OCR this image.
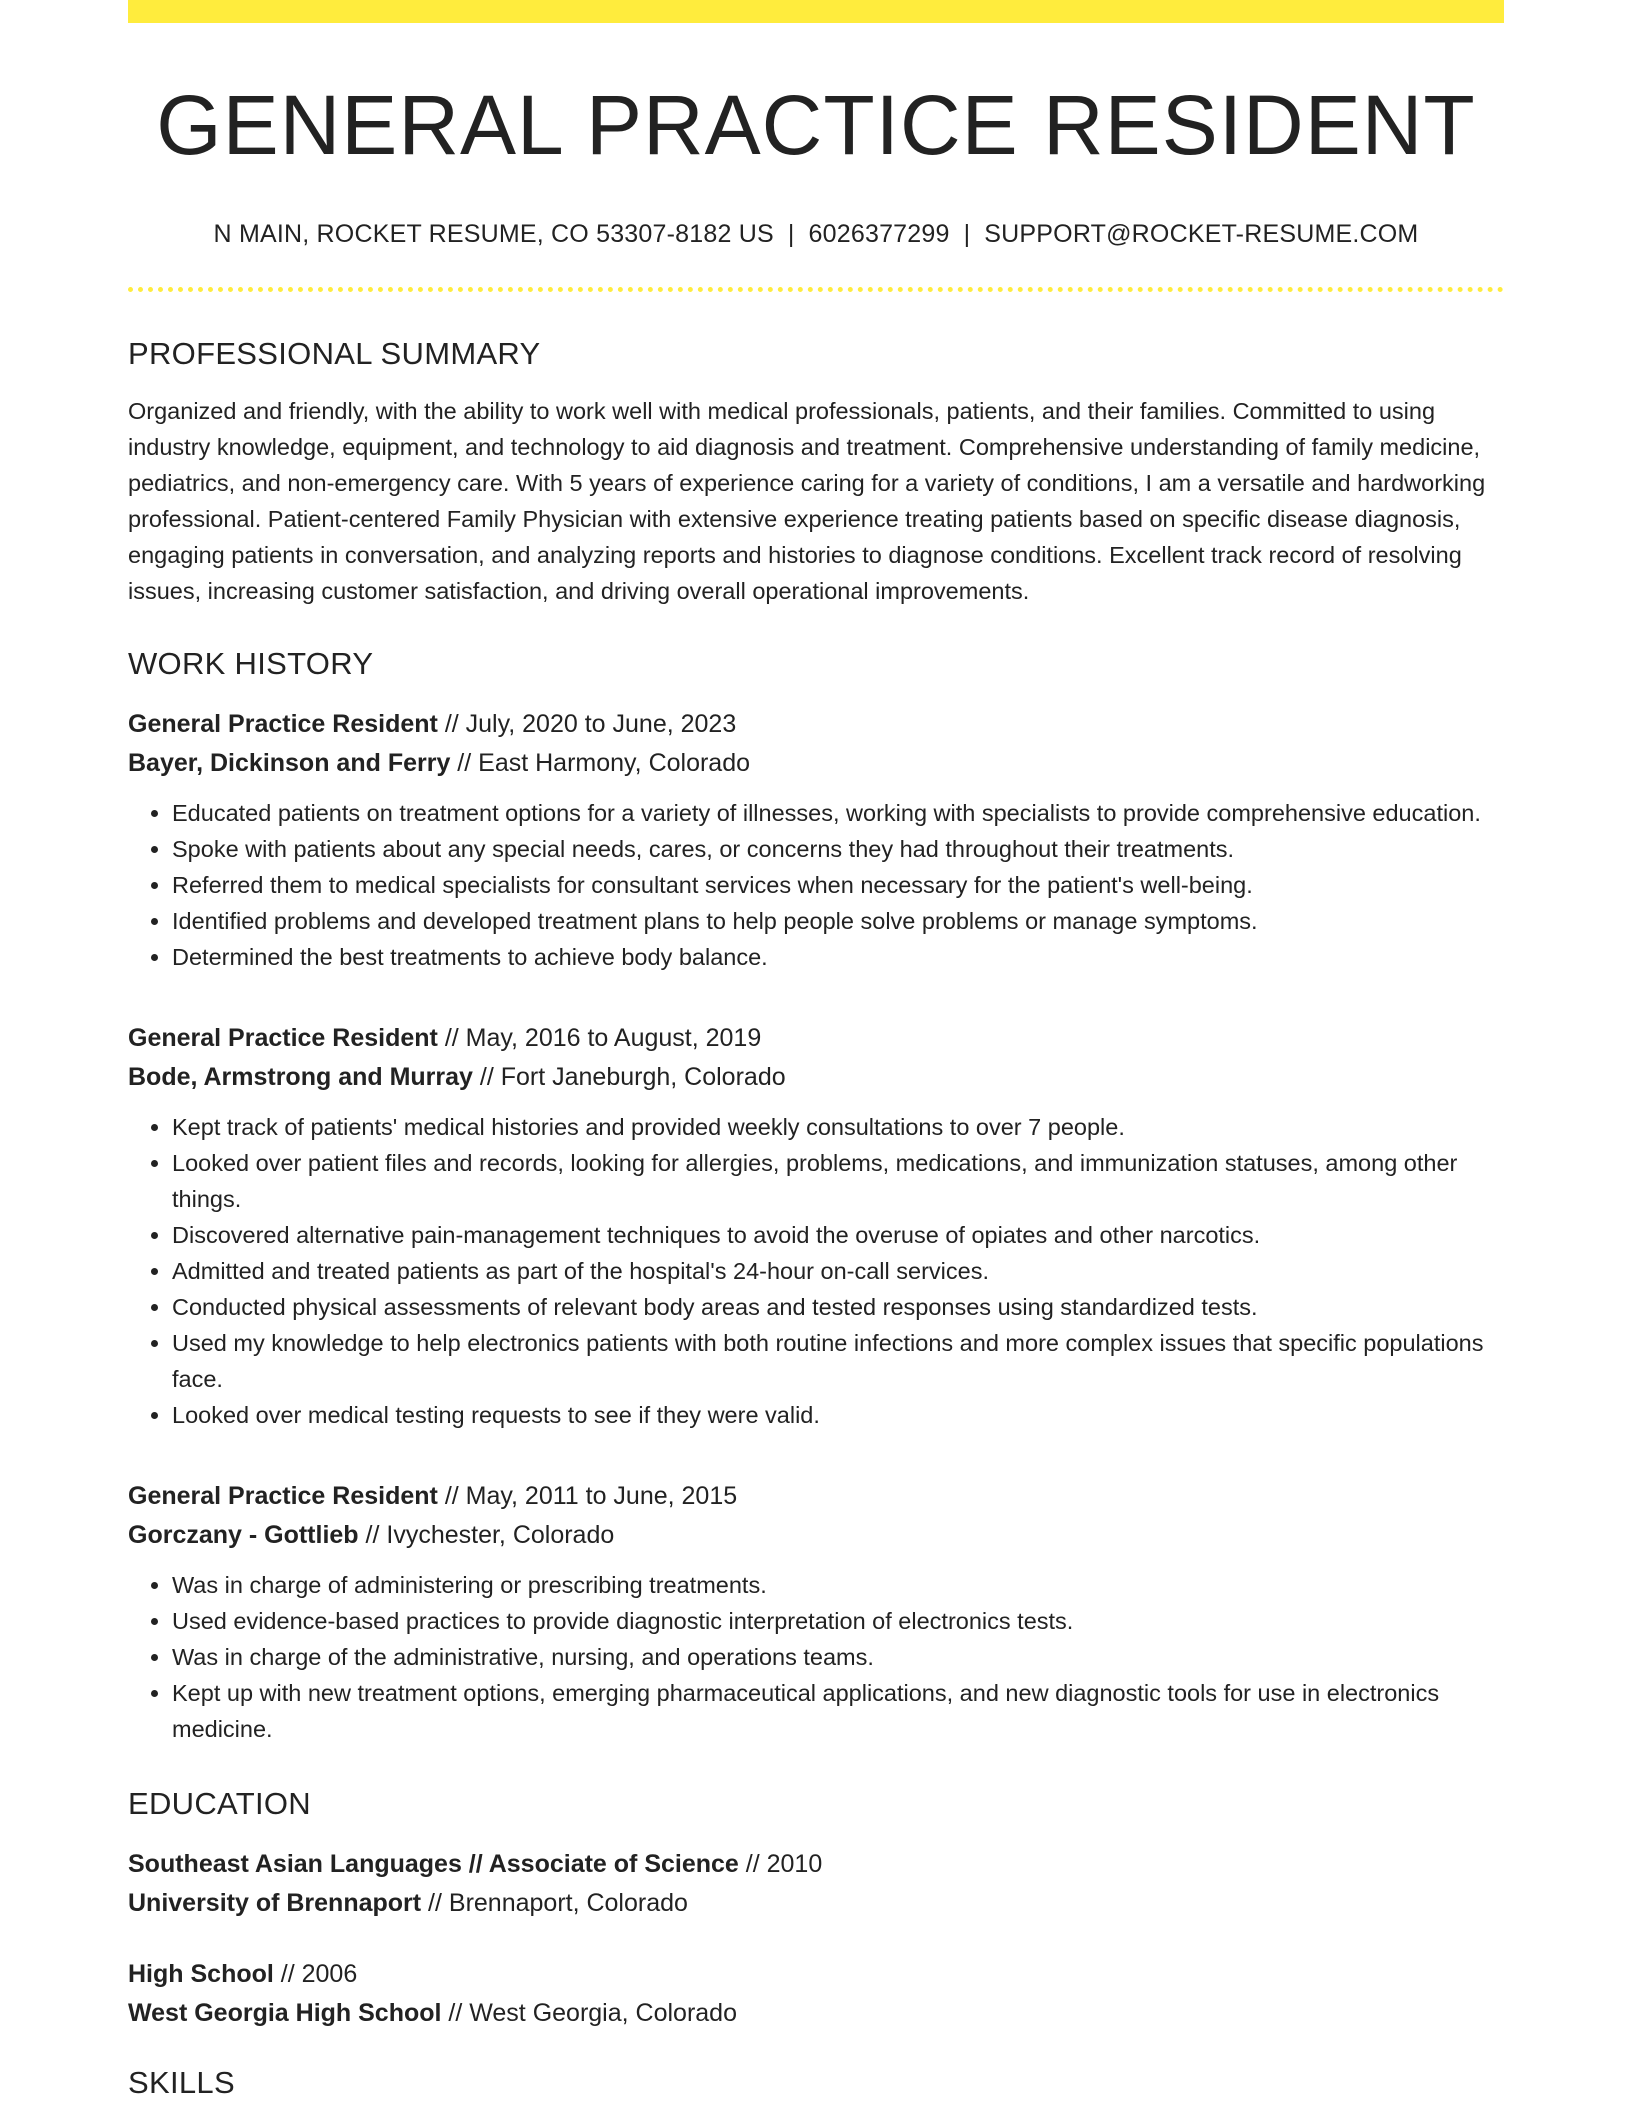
GENERAL PRACTICE RESIDENT
N MAIN, ROCKET RESUME, CO 53307-8182 US | 6026377299 | SUPPORT@ROCKET-RESUME.COM
PROFESSIONAL SUMMARY

Organized and friendly, with the ability to work well with medical professionals, patients, and their families. Committed to using industry knowledge, equipment, and technology to aid diagnosis and treatment. Comprehensive understanding of family medicine, pediatrics, and non-emergency care. With 5 years of experience caring for a variety of conditions, I am a versatile and hardworking professional. Patient-centered Family Physician with extensive experience treating patients based on specific disease diagnosis, engaging patients in conversation, and analyzing reports and histories to diagnose conditions. Excellent track record of resolving issues, increasing customer satisfaction, and driving overall operational improvements.

WORK HISTORY
General Practice Resident // July, 2020 to June, 2023
Bayer, Dickinson and Ferry // East Harmony, Colorado
• Educated patients on treatment options for a variety of illnesses, working with specialists to provide comprehensive education.
• Spoke with patients about any special needs, cares, or concerns they had throughout their treatments.
• Referred them to medical specialists for consultant services when necessary for the patient's well-being.
• Identified problems and developed treatment plans to help people solve problems or manage symptoms.
• Determined the best treatments to achieve body balance.
General Practice Resident // May, 2016 to August, 2019
Bode, Armstrong and Murray // Fort Janeburgh, Colorado
• Kept track of patients' medical histories and provided weekly consultations to over 7 people.
• Looked over patient files and records, looking for allergies, problems, medications, and immunization statuses, among other things.
• Discovered alternative pain-management techniques to avoid the overuse of opiates and other narcotics.
• Admitted and treated patients as part of the hospital's 24-hour on-call services.
• Conducted physical assessments of relevant body areas and tested responses using standardized tests.
• Used my knowledge to help electronics patients with both routine infections and more complex issues that specific populations face.
• Looked over medical testing requests to see if they were valid.
General Practice Resident // May, 2011 to June, 2015
Gorczany - Gottlieb // Ivychester, Colorado
• Was in charge of administering or prescribing treatments.
• Used evidence-based practices to provide diagnostic interpretation of electronics tests.
• Was in charge of the administrative, nursing, and operations teams.
• Kept up with new treatment options, emerging pharmaceutical applications, and new diagnostic tools for use in electronics medicine.
EDUCATION
Southeast Asian Languages // Associate of Science // 2010
University of Brennaport // Brennaport, Colorado
High School // 2006
West Georgia High School // West Georgia, Colorado
SKILLS
